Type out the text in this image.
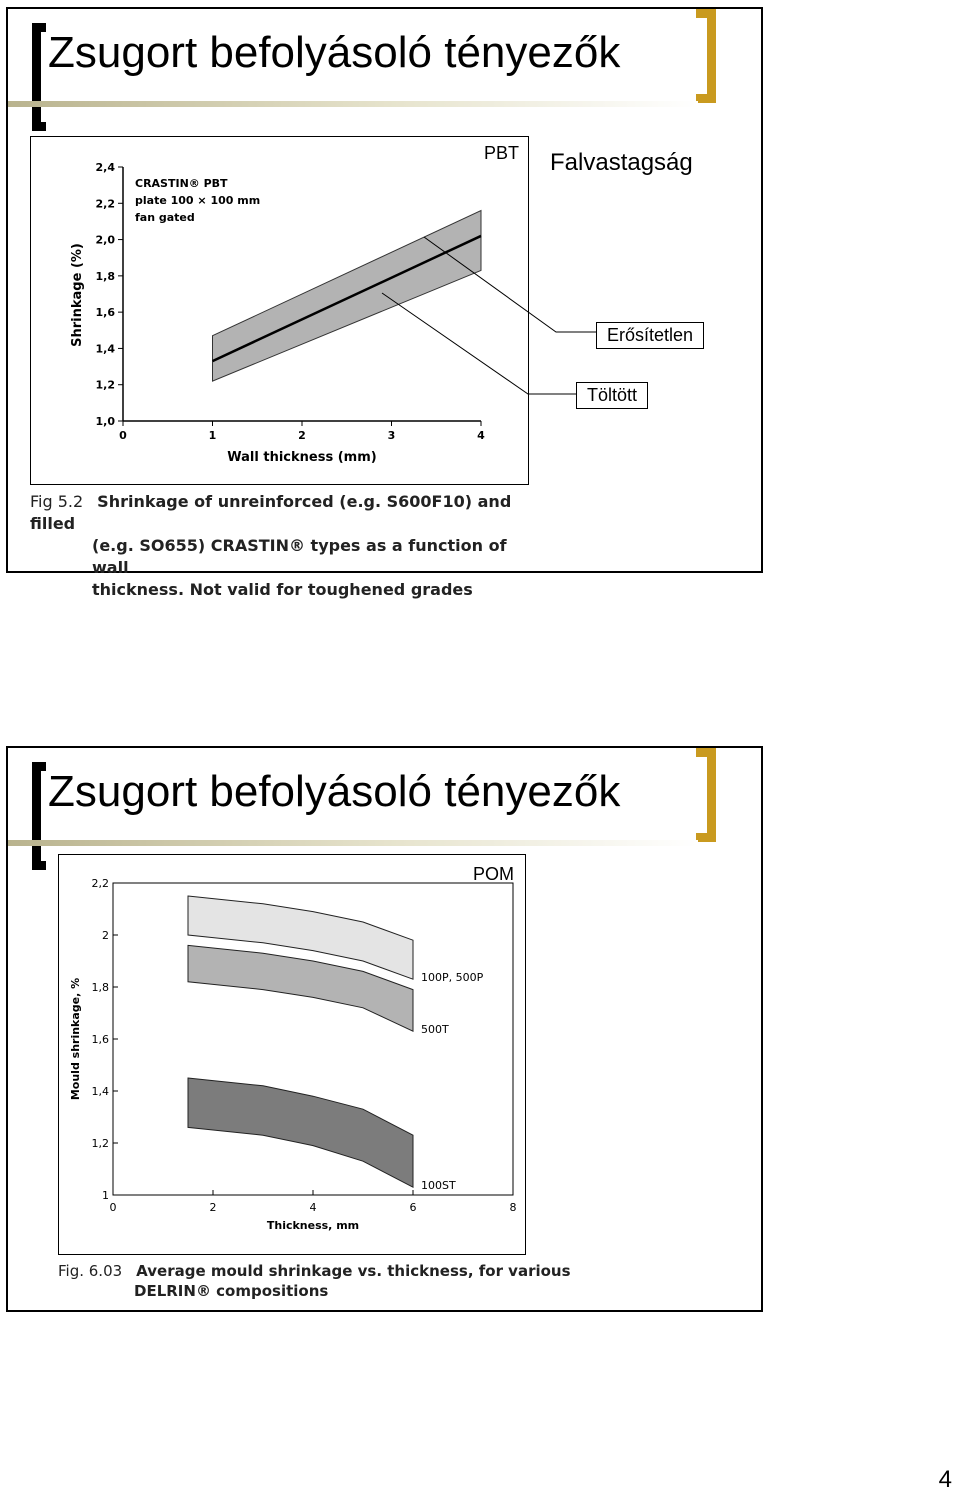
Zsugort befolyásoló tényezők
1,0
1,2
1,4
1,6
1,8
2,0
2,2
2,4
0	1	2	3	4
Shrinkage (%)
Wall thickness (mm)
CRASTIN® PBT
plate 100 × 100 mm
fan gated
PBT Falvastagság
Erősítetlen
Töltött
Fig 5.2 Shrinkage of unreinforced (e.g. S600F10) and filled
(e.g. SO655) CRASTIN® types as a function of wall
thickness. Not valid for toughened grades
Zsugort befolyásoló tényezők
1
1,2
1,4
1,6
1,8
2
2,2
0	2	4	6	8
100P, 500P
500T
100ST
Mould shrinkage, %
Thickness, mm
POM
Fig. 6.03 Average mould shrinkage vs. thickness, for various
DELRIN® compositions
4
